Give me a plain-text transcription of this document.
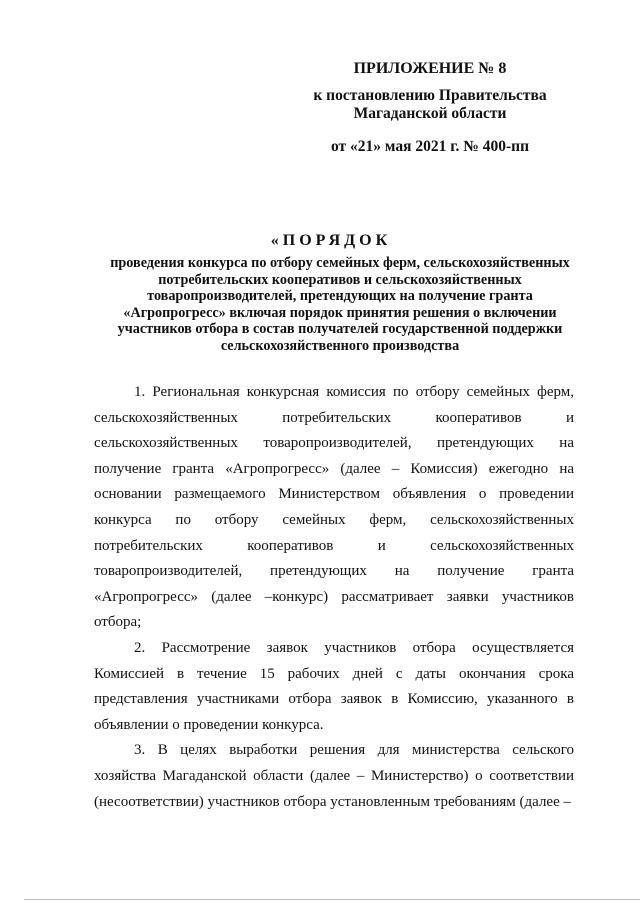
ПРИЛОЖЕНИЕ № 8
к постановлению Правительства
Магаданской области
от «21» мая 2021 г. № 400-пп
«ПОРЯДОК
проведения конкурса по отбору семейных ферм, сельскохозяйственных потребительских кооперативов и сельскохозяйственных товаропроизводителей, претендующих на получение гранта «Агропрогресс» включая порядок принятия решения о включении участников отбора в состав получателей государственной поддержки сельскохозяйственного производства

1. Региональная конкурсная комиссия по отбору семейных ферм, сельскохозяйственных потребительских кооперативов и сельскохозяйственных товаропроизводителей, претендующих на получение гранта «Агропрогресс» (далее – Комиссия) ежегодно на основании размещаемого Министерством объявления о проведении конкурса по отбору семейных ферм, сельскохозяйственных потребительских кооперативов и сельскохозяйственных товаропроизводителей, претендующих на получение гранта «Агропрогресс» (далее –конкурс) рассматривает заявки участников отбора;

2. Рассмотрение заявок участников отбора осуществляется Комиссией в течение 15 рабочих дней с даты окончания срока представления участниками отбора заявок в Комиссию, указанного в объявлении о проведении конкурса.

3. В целях выработки решения для министерства сельского хозяйства Магаданской области (далее – Министерство) о соответствии (несоответствии) участников отбора установленным требованиям (далее –
